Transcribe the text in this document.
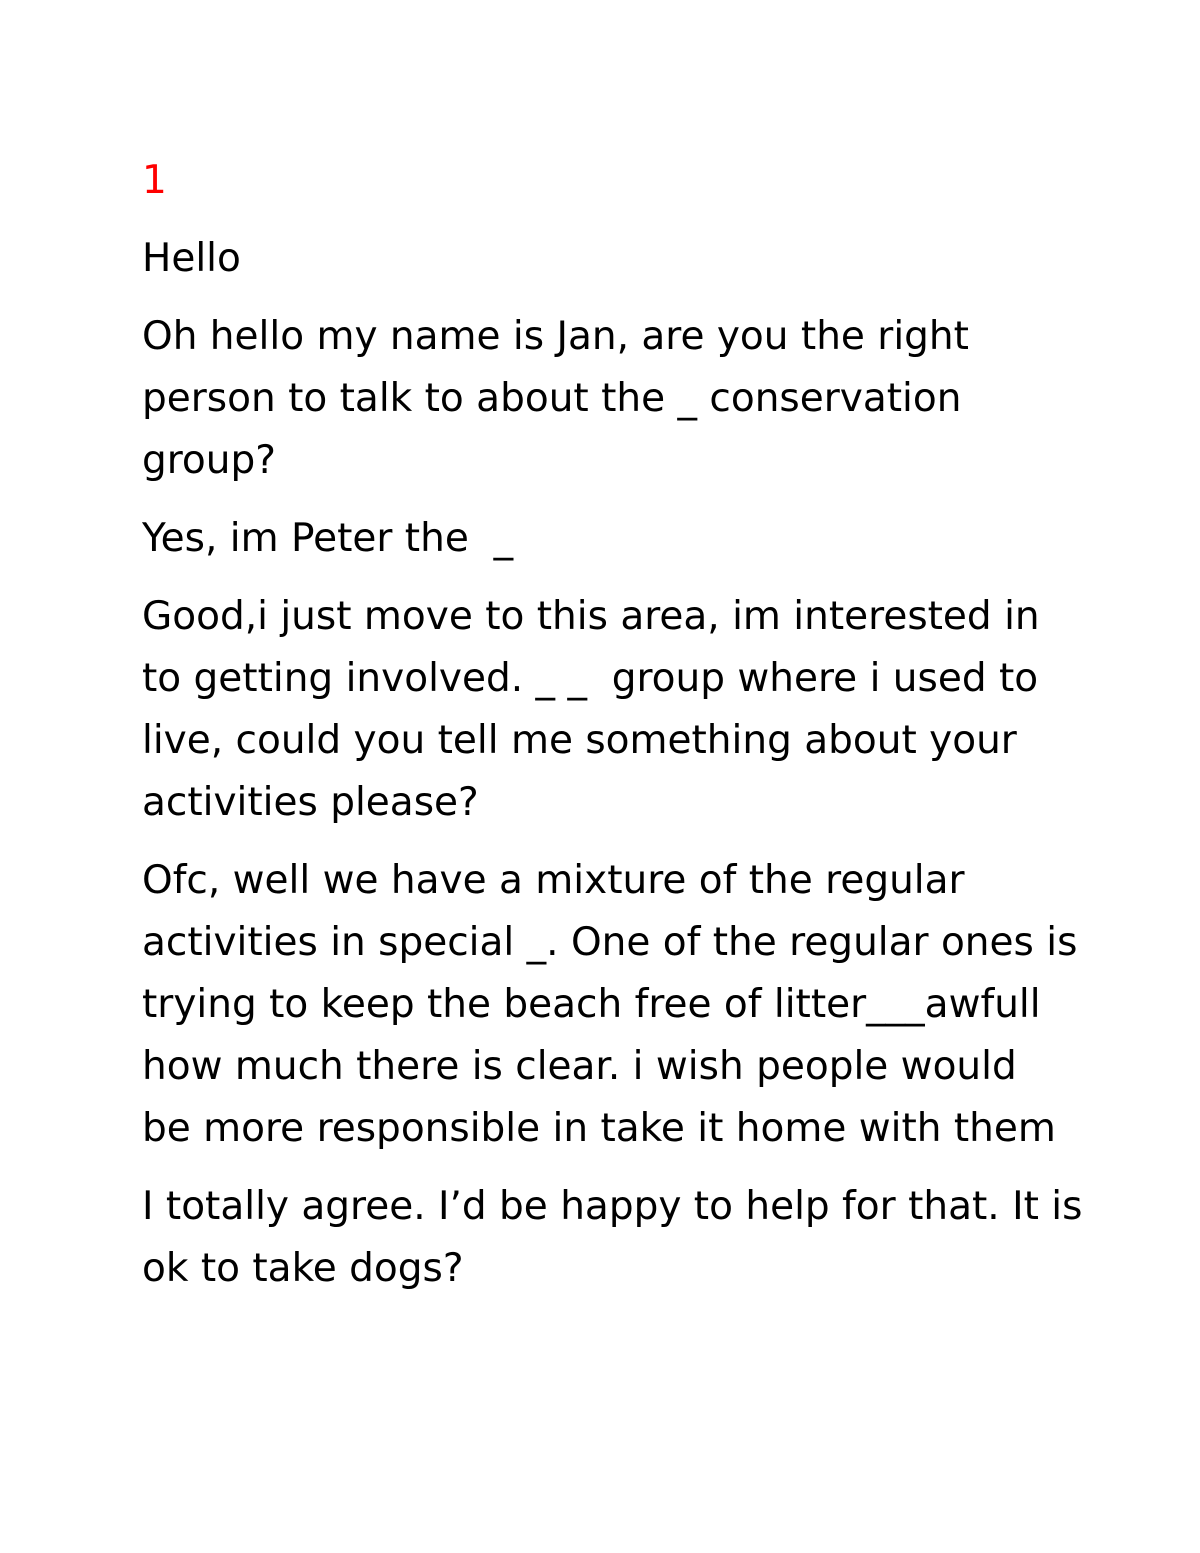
1
Hello
Oh hello my name is Jan, are you the right
person to talk to about the _ conservation
group?
Yes, im Peter the  _
Good,i just move to this area, im interested in
to getting involved. _ _  group where i used to
live, could you tell me something about your
activities please?
Ofc, well we have a mixture of the regular
activities in special _. One of the regular ones is
trying to keep the beach free of litter___awfull
how much there is clear. i wish people would
be more responsible in take it home with them
I totally agree. I’d be happy to help for that. It is
ok to take dogs?
